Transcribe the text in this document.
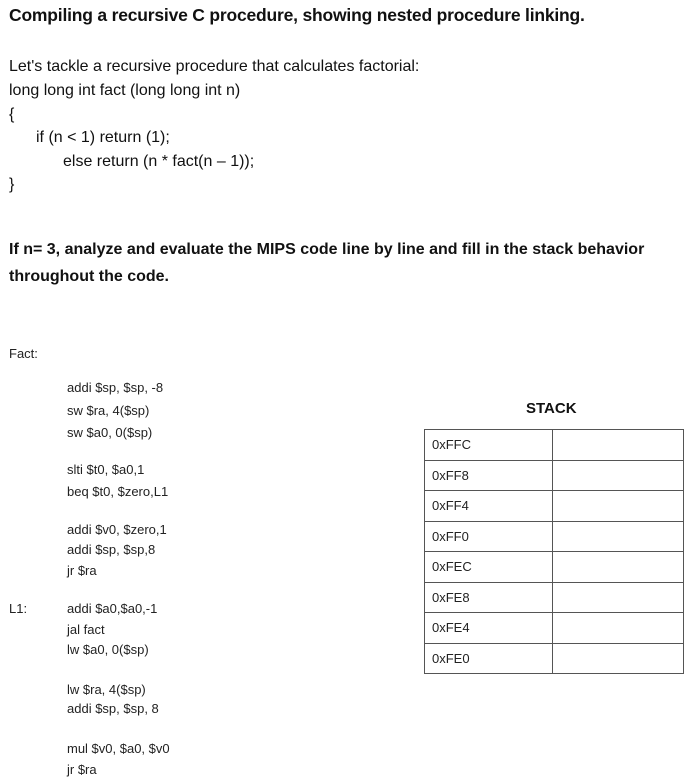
Compiling a recursive C procedure, showing nested procedure linking.
Let's tackle a recursive procedure that calculates factorial:
long long int fact (long long int n)
{
if (n < 1) return (1);
else return (n * fact(n – 1));
}
If n= 3, analyze and evaluate the MIPS code line by line and fill in the stack behavior throughout the code.
Fact:
L1:
addi $sp, $sp, -8
sw $ra, 4($sp)
sw $a0, 0($sp)
slti $t0, $a0,1
beq $t0, $zero,L1
addi $v0, $zero,1
addi $sp, $sp,8
jr $ra
addi $a0,$a0,-1
jal fact
lw $a0, 0($sp)
lw $ra, 4($sp)
addi $sp, $sp, 8
mul $v0, $a0, $v0
jr $ra
STACK
0xFFC	
0xFF8	
0xFF4	
0xFF0	
0xFEC	
0xFE8	
0xFE4	
0xFE0	
